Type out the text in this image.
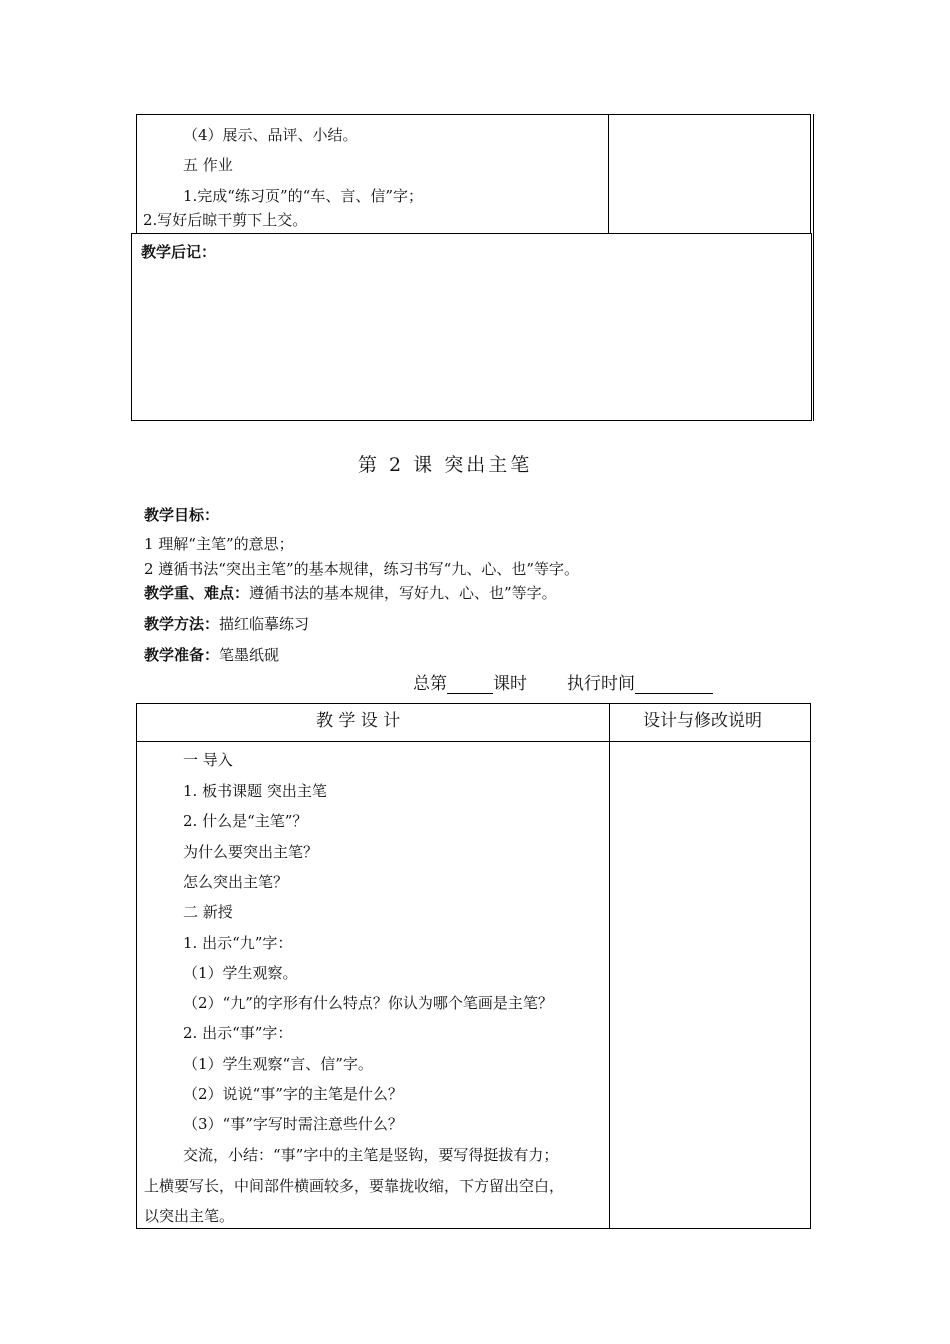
（4）展示、品评、小结。
五 作业
1.完成“练习页”的“车、言、信”字；
2.写好后晾干剪下上交。
教学后记：
第 2 课 突出主笔
教学目标：
1 理解“主笔”的意思；
2 遵循书法“突出主笔”的基本规律，练习书写“九、心、也”等字。
教学重、难点：遵循书法的基本规律，写好九、心、也”等字。
教学方法：描红临摹练习
教学准备：笔墨纸砚
总第	课时 执行时间
教 学 设 计	设计与修改说明
一 导入
1. 板书课题 突出主笔
2. 什么是“主笔”？
为什么要突出主笔？
怎么突出主笔？
二 新授
1. 出示“九”字：
（1）学生观察。
（2）“九”的字形有什么特点？你认为哪个笔画是主笔？
2. 出示“事”字：
（1）学生观察“言、信”字。
（2）说说“事”字的主笔是什么？
（3）“事”字写时需注意些什么？
交流，小结：“事”字中的主笔是竖钩，要写得挺拔有力；
上横要写长，中间部件横画较多，要靠拢收缩，下方留出空白，
以突出主笔。
